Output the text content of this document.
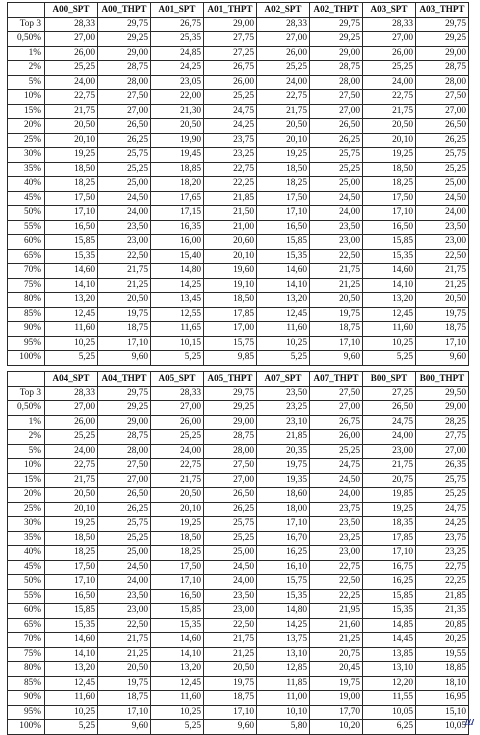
	A00_SPT	A00_THPT	A01_SPT	A01_THPT	A02_SPT	A02_THPT	A03_SPT	A03_THPT
Top 3	28,33	29,75	26,75	29,00	28,33	29,75	28,33	29,75
0,50%	27,00	29,25	25,35	27,75	27,00	29,25	27,00	29,25
1%	26,00	29,00	24,85	27,25	26,00	29,00	26,00	29,00
2%	25,25	28,75	24,25	26,75	25,25	28,75	25,25	28,75
5%	24,00	28,00	23,05	26,00	24,00	28,00	24,00	28,00
10%	22,75	27,50	22,00	25,25	22,75	27,50	22,75	27,50
15%	21,75	27,00	21,30	24,75	21,75	27,00	21,75	27,00
20%	20,50	26,50	20,50	24,25	20,50	26,50	20,50	26,50
25%	20,10	26,25	19,90	23,75	20,10	26,25	20,10	26,25
30%	19,25	25,75	19,45	23,25	19,25	25,75	19,25	25,75
35%	18,50	25,25	18,85	22,75	18,50	25,25	18,50	25,25
40%	18,25	25,00	18,20	22,25	18,25	25,00	18,25	25,00
45%	17,50	24,50	17,65	21,85	17,50	24,50	17,50	24,50
50%	17,10	24,00	17,15	21,50	17,10	24,00	17,10	24,00
55%	16,50	23,50	16,35	21,00	16,50	23,50	16,50	23,50
60%	15,85	23,00	16,00	20,60	15,85	23,00	15,85	23,00
65%	15,35	22,50	15,40	20,10	15,35	22,50	15,35	22,50
70%	14,60	21,75	14,80	19,60	14,60	21,75	14,60	21,75
75%	14,10	21,25	14,25	19,10	14,10	21,25	14,10	21,25
80%	13,20	20,50	13,45	18,50	13,20	20,50	13,20	20,50
85%	12,45	19,75	12,55	17,85	12,45	19,75	12,45	19,75
90%	11,60	18,75	11,65	17,00	11,60	18,75	11,60	18,75
95%	10,25	17,10	10,15	15,75	10,25	17,10	10,25	17,10
100%	5,25	9,60	5,25	9,85	5,25	9,60	5,25	9,60
	A04_SPT	A04_THPT	A05_SPT	A05_THPT	A07_SPT	A07_THPT	B00_SPT	B00_THPT
Top 3	28,33	29,75	28,33	29,75	23,50	27,50	27,25	29,50
0,50%	27,00	29,25	27,00	29,25	23,25	27,00	26,50	29,00
1%	26,00	29,00	26,00	29,00	23,10	26,75	24,75	28,25
2%	25,25	28,75	25,25	28,75	21,85	26,00	24,00	27,75
5%	24,00	28,00	24,00	28,00	20,35	25,25	23,00	27,00
10%	22,75	27,50	22,75	27,50	19,75	24,75	21,75	26,35
15%	21,75	27,00	21,75	27,00	19,35	24,50	20,75	25,75
20%	20,50	26,50	20,50	26,50	18,60	24,00	19,85	25,25
25%	20,10	26,25	20,10	26,25	18,00	23,75	19,25	24,75
30%	19,25	25,75	19,25	25,75	17,10	23,50	18,35	24,25
35%	18,50	25,25	18,50	25,25	16,70	23,25	17,85	23,75
40%	18,25	25,00	18,25	25,00	16,25	23,00	17,10	23,25
45%	17,50	24,50	17,50	24,50	16,10	22,75	16,75	22,75
50%	17,10	24,00	17,10	24,00	15,75	22,50	16,25	22,25
55%	16,50	23,50	16,50	23,50	15,35	22,25	15,85	21,85
60%	15,85	23,00	15,85	23,00	14,80	21,95	15,35	21,35
65%	15,35	22,50	15,35	22,50	14,25	21,60	14,85	20,85
70%	14,60	21,75	14,60	21,75	13,75	21,25	14,45	20,25
75%	14,10	21,25	14,10	21,25	13,10	20,75	13,85	19,55
80%	13,20	20,50	13,20	20,50	12,85	20,45	13,10	18,85
85%	12,45	19,75	12,45	19,75	11,85	19,75	12,20	18,10
90%	11,60	18,75	11,60	18,75	11,00	19,00	11,55	16,95
95%	10,25	17,10	10,25	17,10	10,10	17,70	10,05	15,10
100%	5,25	9,60	5,25	9,60	5,80	10,20	6,25	10,05
ɯ
